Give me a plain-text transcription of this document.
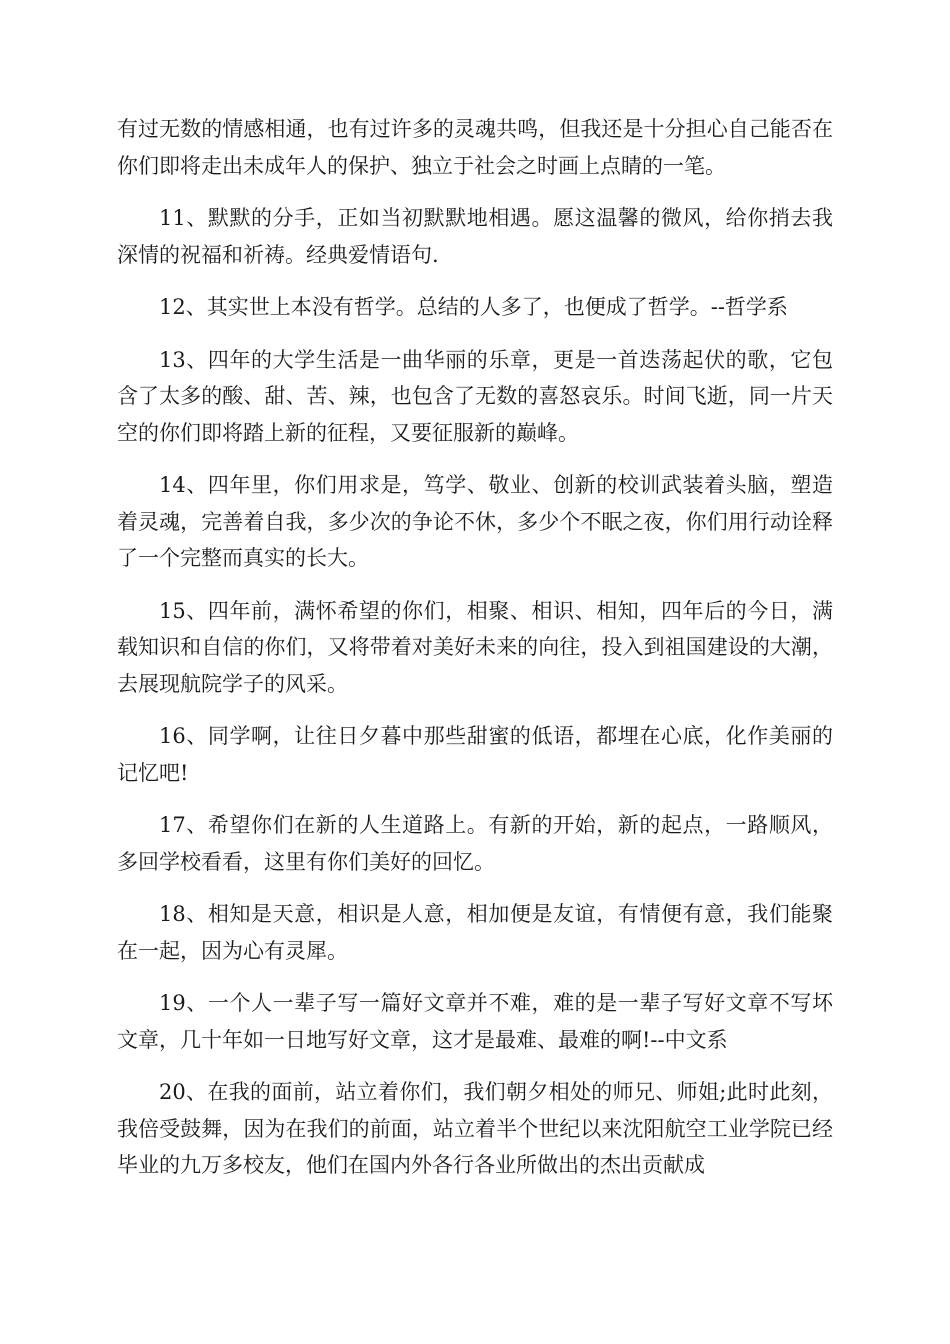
有过无数的情感相通，也有过许多的灵魂共鸣，但我还是十分担心自己能否在你们即将走出未成年人的保护、独立于社会之时画上点睛的一笔。

11、默默的分手，正如当初默默地相遇。愿这温馨的微风，给你捎去我深情的祝福和祈祷。经典爱情语句.

12、其实世上本没有哲学。总结的人多了，也便成了哲学。--哲学系

13、四年的大学生活是一曲华丽的乐章，更是一首迭荡起伏的歌，它包含了太多的酸、甜、苦、辣，也包含了无数的喜怒哀乐。时间飞逝，同一片天空的你们即将踏上新的征程，又要征服新的巅峰。

14、四年里，你们用求是，笃学、敬业、创新的校训武装着头脑，塑造着灵魂，完善着自我，多少次的争论不休，多少个不眠之夜，你们用行动诠释了一个完整而真实的长大。

15、四年前，满怀希望的你们，相聚、相识、相知，四年后的今日，满载知识和自信的你们，又将带着对美好未来的向往，投入到祖国建设的大潮，去展现航院学子的风采。

16、同学啊，让往日夕暮中那些甜蜜的低语，都埋在心底，化作美丽的记忆吧!

17、希望你们在新的人生道路上。有新的开始，新的起点，一路顺风，多回学校看看，这里有你们美好的回忆。

18、相知是天意，相识是人意，相加便是友谊，有情便有意，我们能聚在一起，因为心有灵犀。

19、一个人一辈子写一篇好文章并不难，难的是一辈子写好文章不写坏文章，几十年如一日地写好文章，这才是最难、最难的啊!--中文系

20、在我的面前，站立着你们，我们朝夕相处的师兄、师姐;此时此刻，我倍受鼓舞，因为在我们的前面，站立着半个世纪以来沈阳航空工业学院已经毕业的九万多校友，他们在国内外各行各业所做出的杰出贡献成
